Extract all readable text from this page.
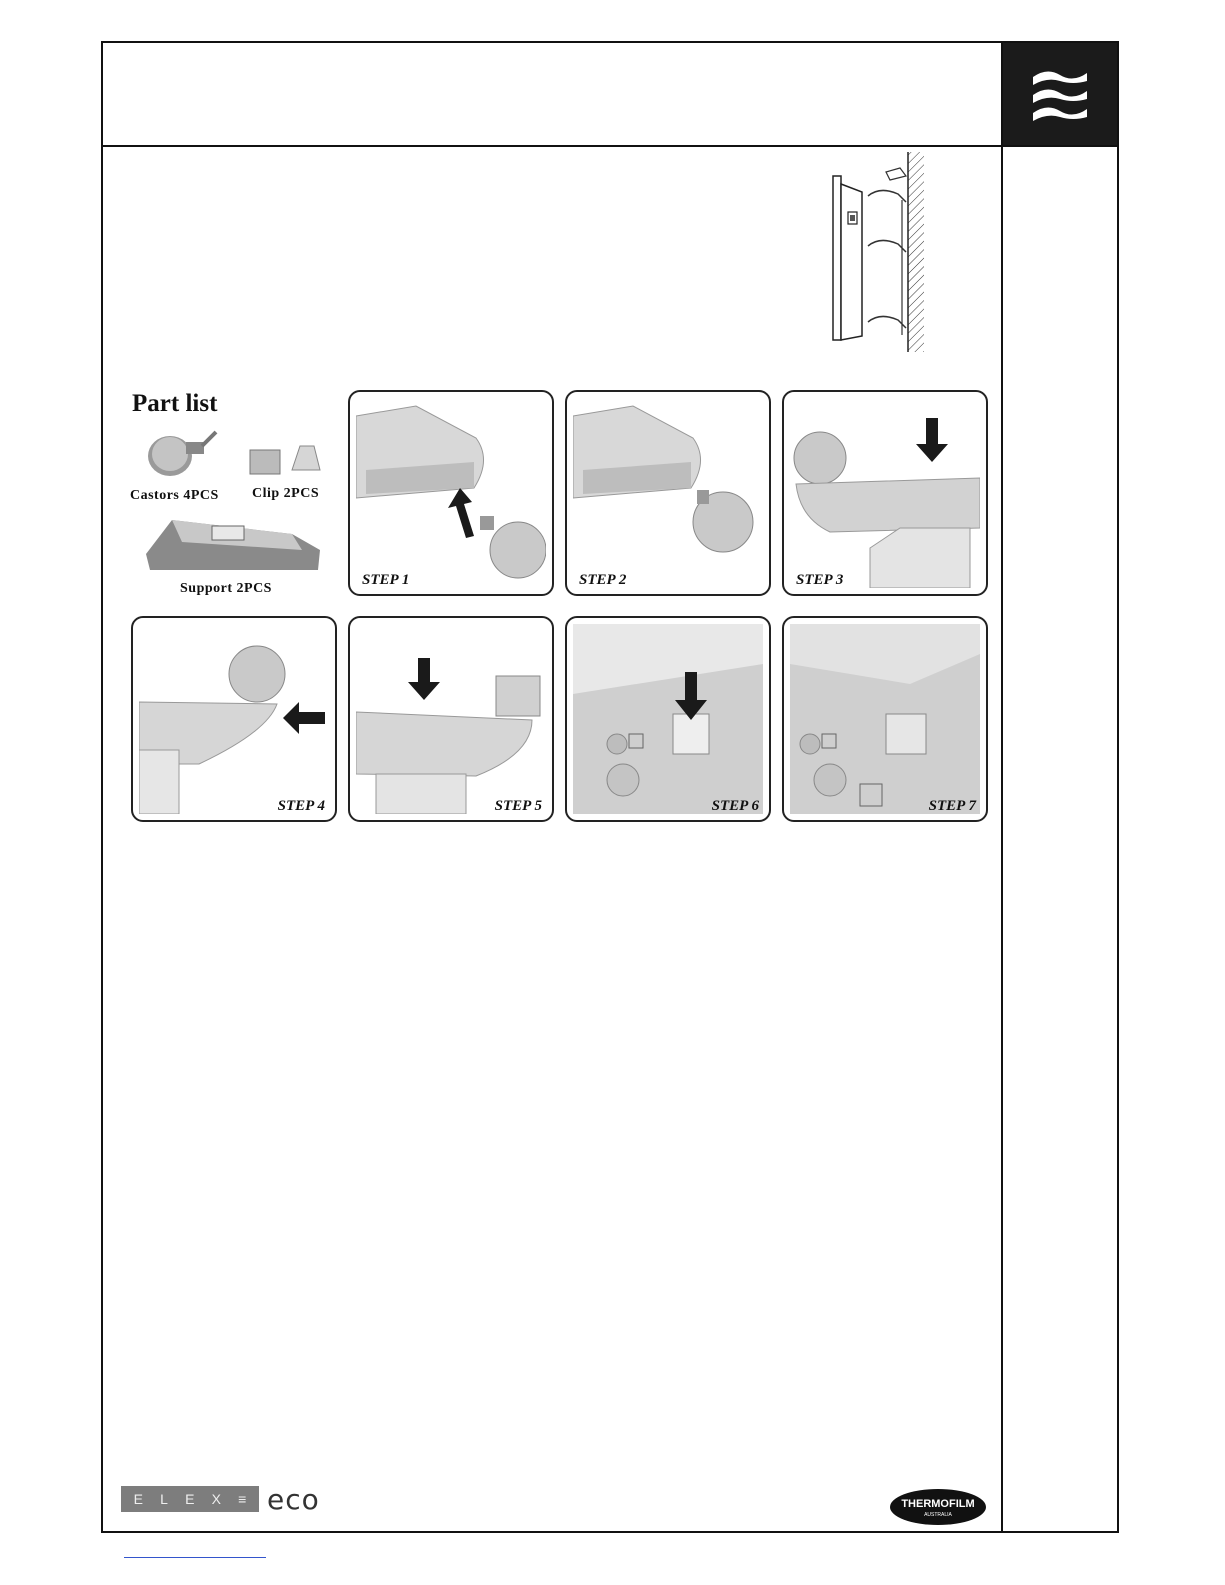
Part list
Castors 4PCS Clip 2PCS
Support 2PCS
STEP 1	STEP 2	STEP 3
STEP 4	STEP 5	STEP 6	STEP 7
E L E X ≡ eco	THERMOFILM
AUSTRALIA
